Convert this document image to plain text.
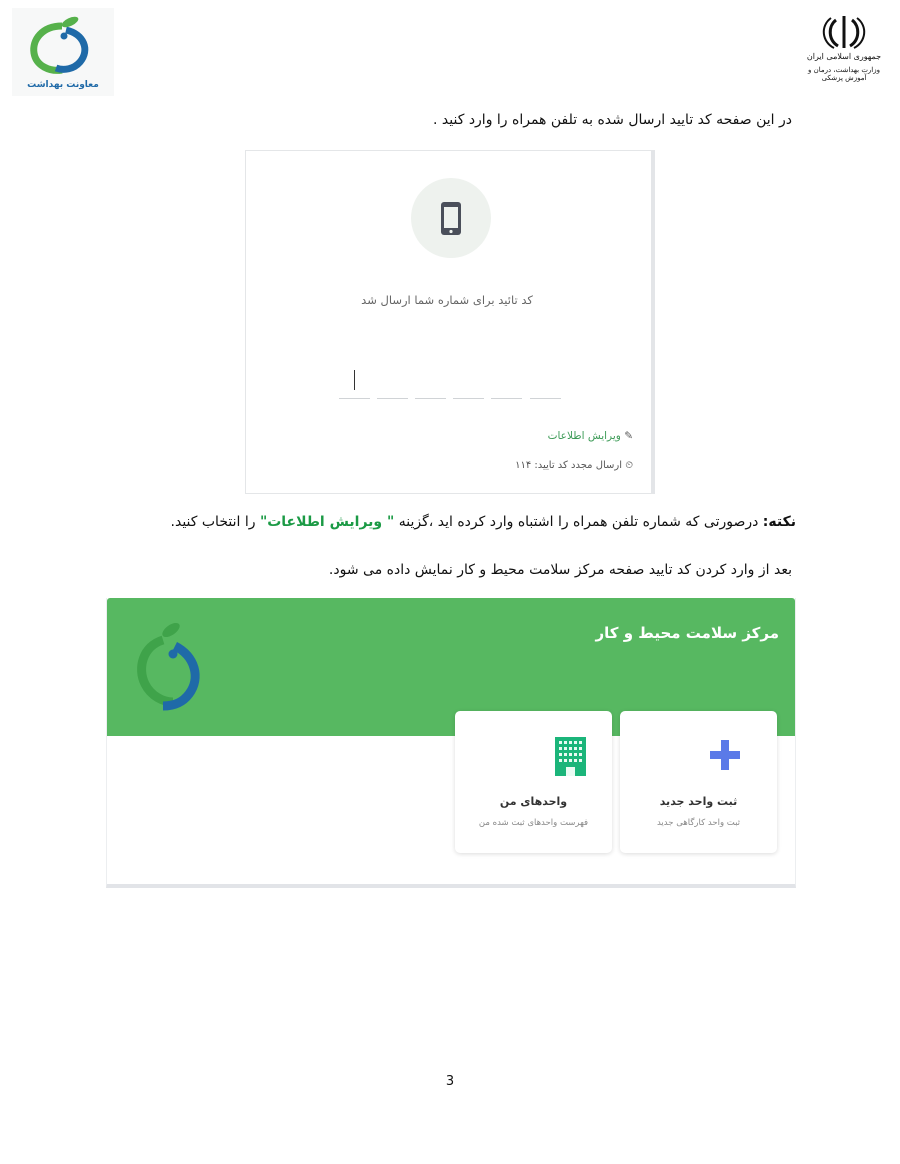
معاونت بهداشت
جمهوری اسلامی ایران
وزارت بهداشت، درمان و آموزش پزشکی
در این صفحه کد تایید ارسال شده به تلفن همراه را وارد کنید .
کد تائید برای شماره شما ارسال شد
✎ ویرایش اطلاعات
⏲ ارسال مجدد کد تایید: ۱۱۴
نکته: درصورتی که شماره تلفن همراه را اشتباه وارد کرده اید ،گزینه " ویرایش اطلاعات" را انتخاب کنید.
بعد از وارد کردن کد تایید صفحه مرکز سلامت محیط و کار نمایش داده می شود.
مرکز سلامت محیط و کار
ثبت واحد جدید
ثبت واحد کارگاهی جدید
واحدهای من
فهرست واحدهای ثبت شده من
3
